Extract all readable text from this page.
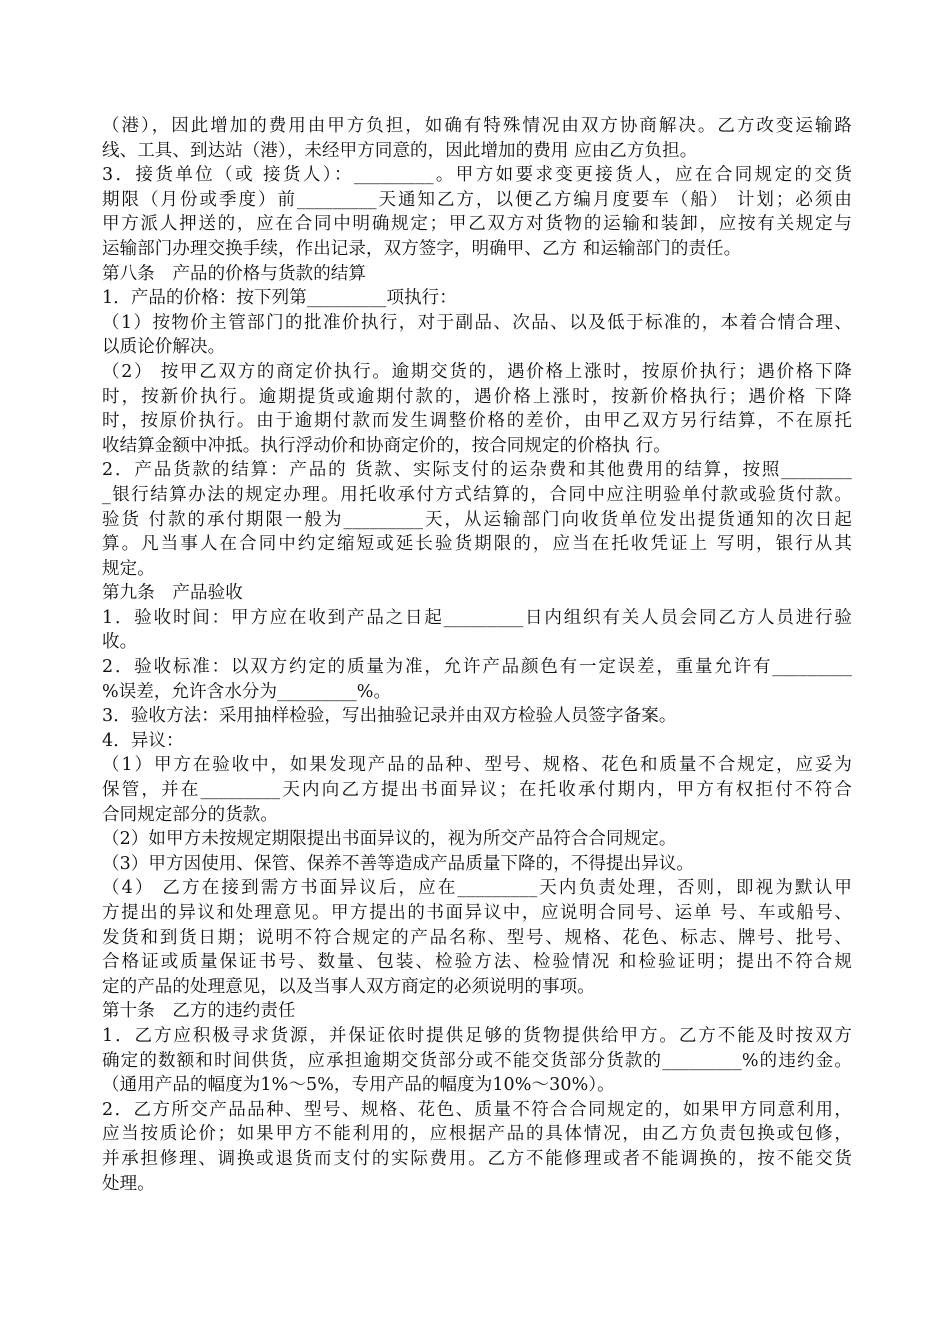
（港），因此增加的费用由甲方负担，如确有特殊情况由双方协商解决。乙方改变运输路
线、工具、到达站（港），未经甲方同意的，因此增加的费用 应由乙方负担。
3．接货单位（或 接货人）：_________。甲方如要求变更接货人，应在合同规定的交货
期限（月份或季度）前_________天通知乙方，以便乙方编月度要车（船） 计划；必须由
甲方派人押送的，应在合同中明确规定；甲乙双方对货物的运输和装卸，应按有关规定与
运输部门办理交换手续，作出记录，双方签字，明确甲、乙方 和运输部门的责任。
第八条　产品的价格与货款的结算
1．产品的价格：按下列第_________项执行：
（1）按物价主管部门的批准价执行，对于副品、次品、以及低于标准的，本着合情合理、
以质论价解决。
（2） 按甲乙双方的商定价执行。逾期交货的，遇价格上涨时，按原价执行；遇价格下降
时，按新价执行。逾期提货或逾期付款的，遇价格上涨时，按新价格执行；遇价格 下降
时，按原价执行。由于逾期付款而发生调整价格的差价，由甲乙双方另行结算，不在原托
收结算金额中冲抵。执行浮动价和协商定价的，按合同规定的价格执 行。
2．产品货款的结算：产品的 货款、实际支付的运杂费和其他费用的结算，按照________
_银行结算办法的规定办理。用托收承付方式结算的，合同中应注明验单付款或验货付款。
验货 付款的承付期限一般为_________天，从运输部门向收货单位发出提货通知的次日起
算。凡当事人在合同中约定缩短或延长验货期限的，应当在托收凭证上 写明，银行从其
规定。
第九条　产品验收
1．验收时间：甲方应在收到产品之日起_________日内组织有关人员会同乙方人员进行验
收。
2．验收标准：以双方约定的质量为准，允许产品颜色有一定误差，重量允许有_________
%误差，允许含水分为_________%。
3．验收方法：采用抽样检验，写出抽验记录并由双方检验人员签字备案。
4．异议：
（1）甲方在验收中，如果发现产品的品种、型号、规格、花色和质量不合规定，应妥为
保管，并在_________天内向乙方提出书面异议；在托收承付期内，甲方有权拒付不符合
合同规定部分的货款。
（2）如甲方未按规定期限提出书面异议的，视为所交产品符合合同规定。
（3）甲方因使用、保管、保养不善等造成产品质量下降的，不得提出异议。
（4） 乙方在接到需方书面异议后，应在_________天内负责处理，否则，即视为默认甲
方提出的异议和处理意见。甲方提出的书面异议中，应说明合同号、运单 号、车或船号、
发货和到货日期；说明不符合规定的产品名称、型号、规格、花色、标志、牌号、批号、
合格证或质量保证书号、数量、包装、检验方法、检验情况 和检验证明；提出不符合规
定的产品的处理意见，以及当事人双方商定的必须说明的事项。
第十条　乙方的违约责任
1．乙方应积极寻求货源，并保证依时提供足够的货物提供给甲方。乙方不能及时按双方
确定的数额和时间供货，应承担逾期交货部分或不能交货部分货款的_________%的违约金。
（通用产品的幅度为1%～5%，专用产品的幅度为10%～30%）。
2．乙方所交产品品种、型号、规格、花色、质量不符合合同规定的，如果甲方同意利用，
应当按质论价；如果甲方不能利用的，应根据产品的具体情况，由乙方负责包换或包修，
并承担修理、调换或退货而支付的实际费用。乙方不能修理或者不能调换的，按不能交货
处理。
